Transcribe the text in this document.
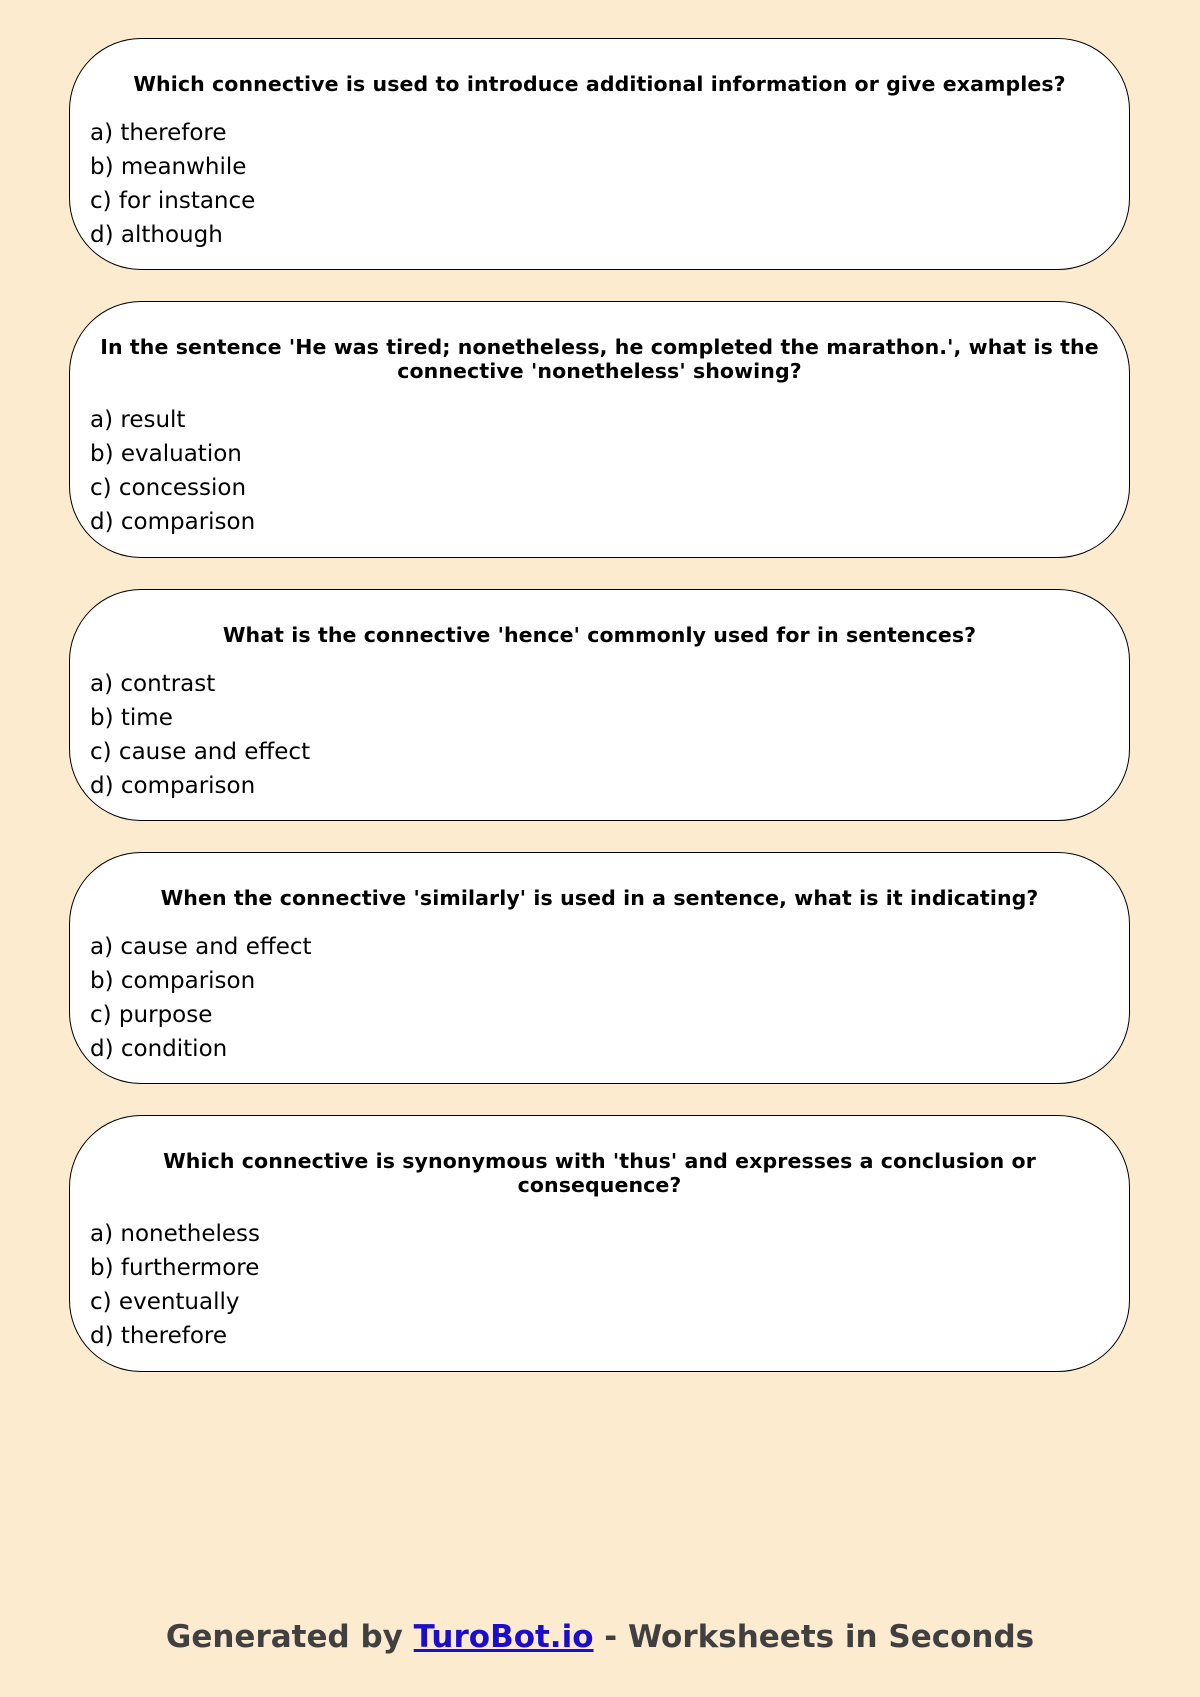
Which connective is used to introduce additional information or give examples?
a) therefore
b) meanwhile
c) for instance
d) although
In the sentence 'He was tired; nonetheless, he completed the marathon.', what is the connective 'nonetheless' showing?
a) result
b) evaluation
c) concession
d) comparison
What is the connective 'hence' commonly used for in sentences?
a) contrast
b) time
c) cause and effect
d) comparison
When the connective 'similarly' is used in a sentence, what is it indicating?
a) cause and effect
b) comparison
c) purpose
d) condition
Which connective is synonymous with 'thus' and expresses a conclusion or consequence?
a) nonetheless
b) furthermore
c) eventually
d) therefore
Generated by TuroBot.io - Worksheets in Seconds
